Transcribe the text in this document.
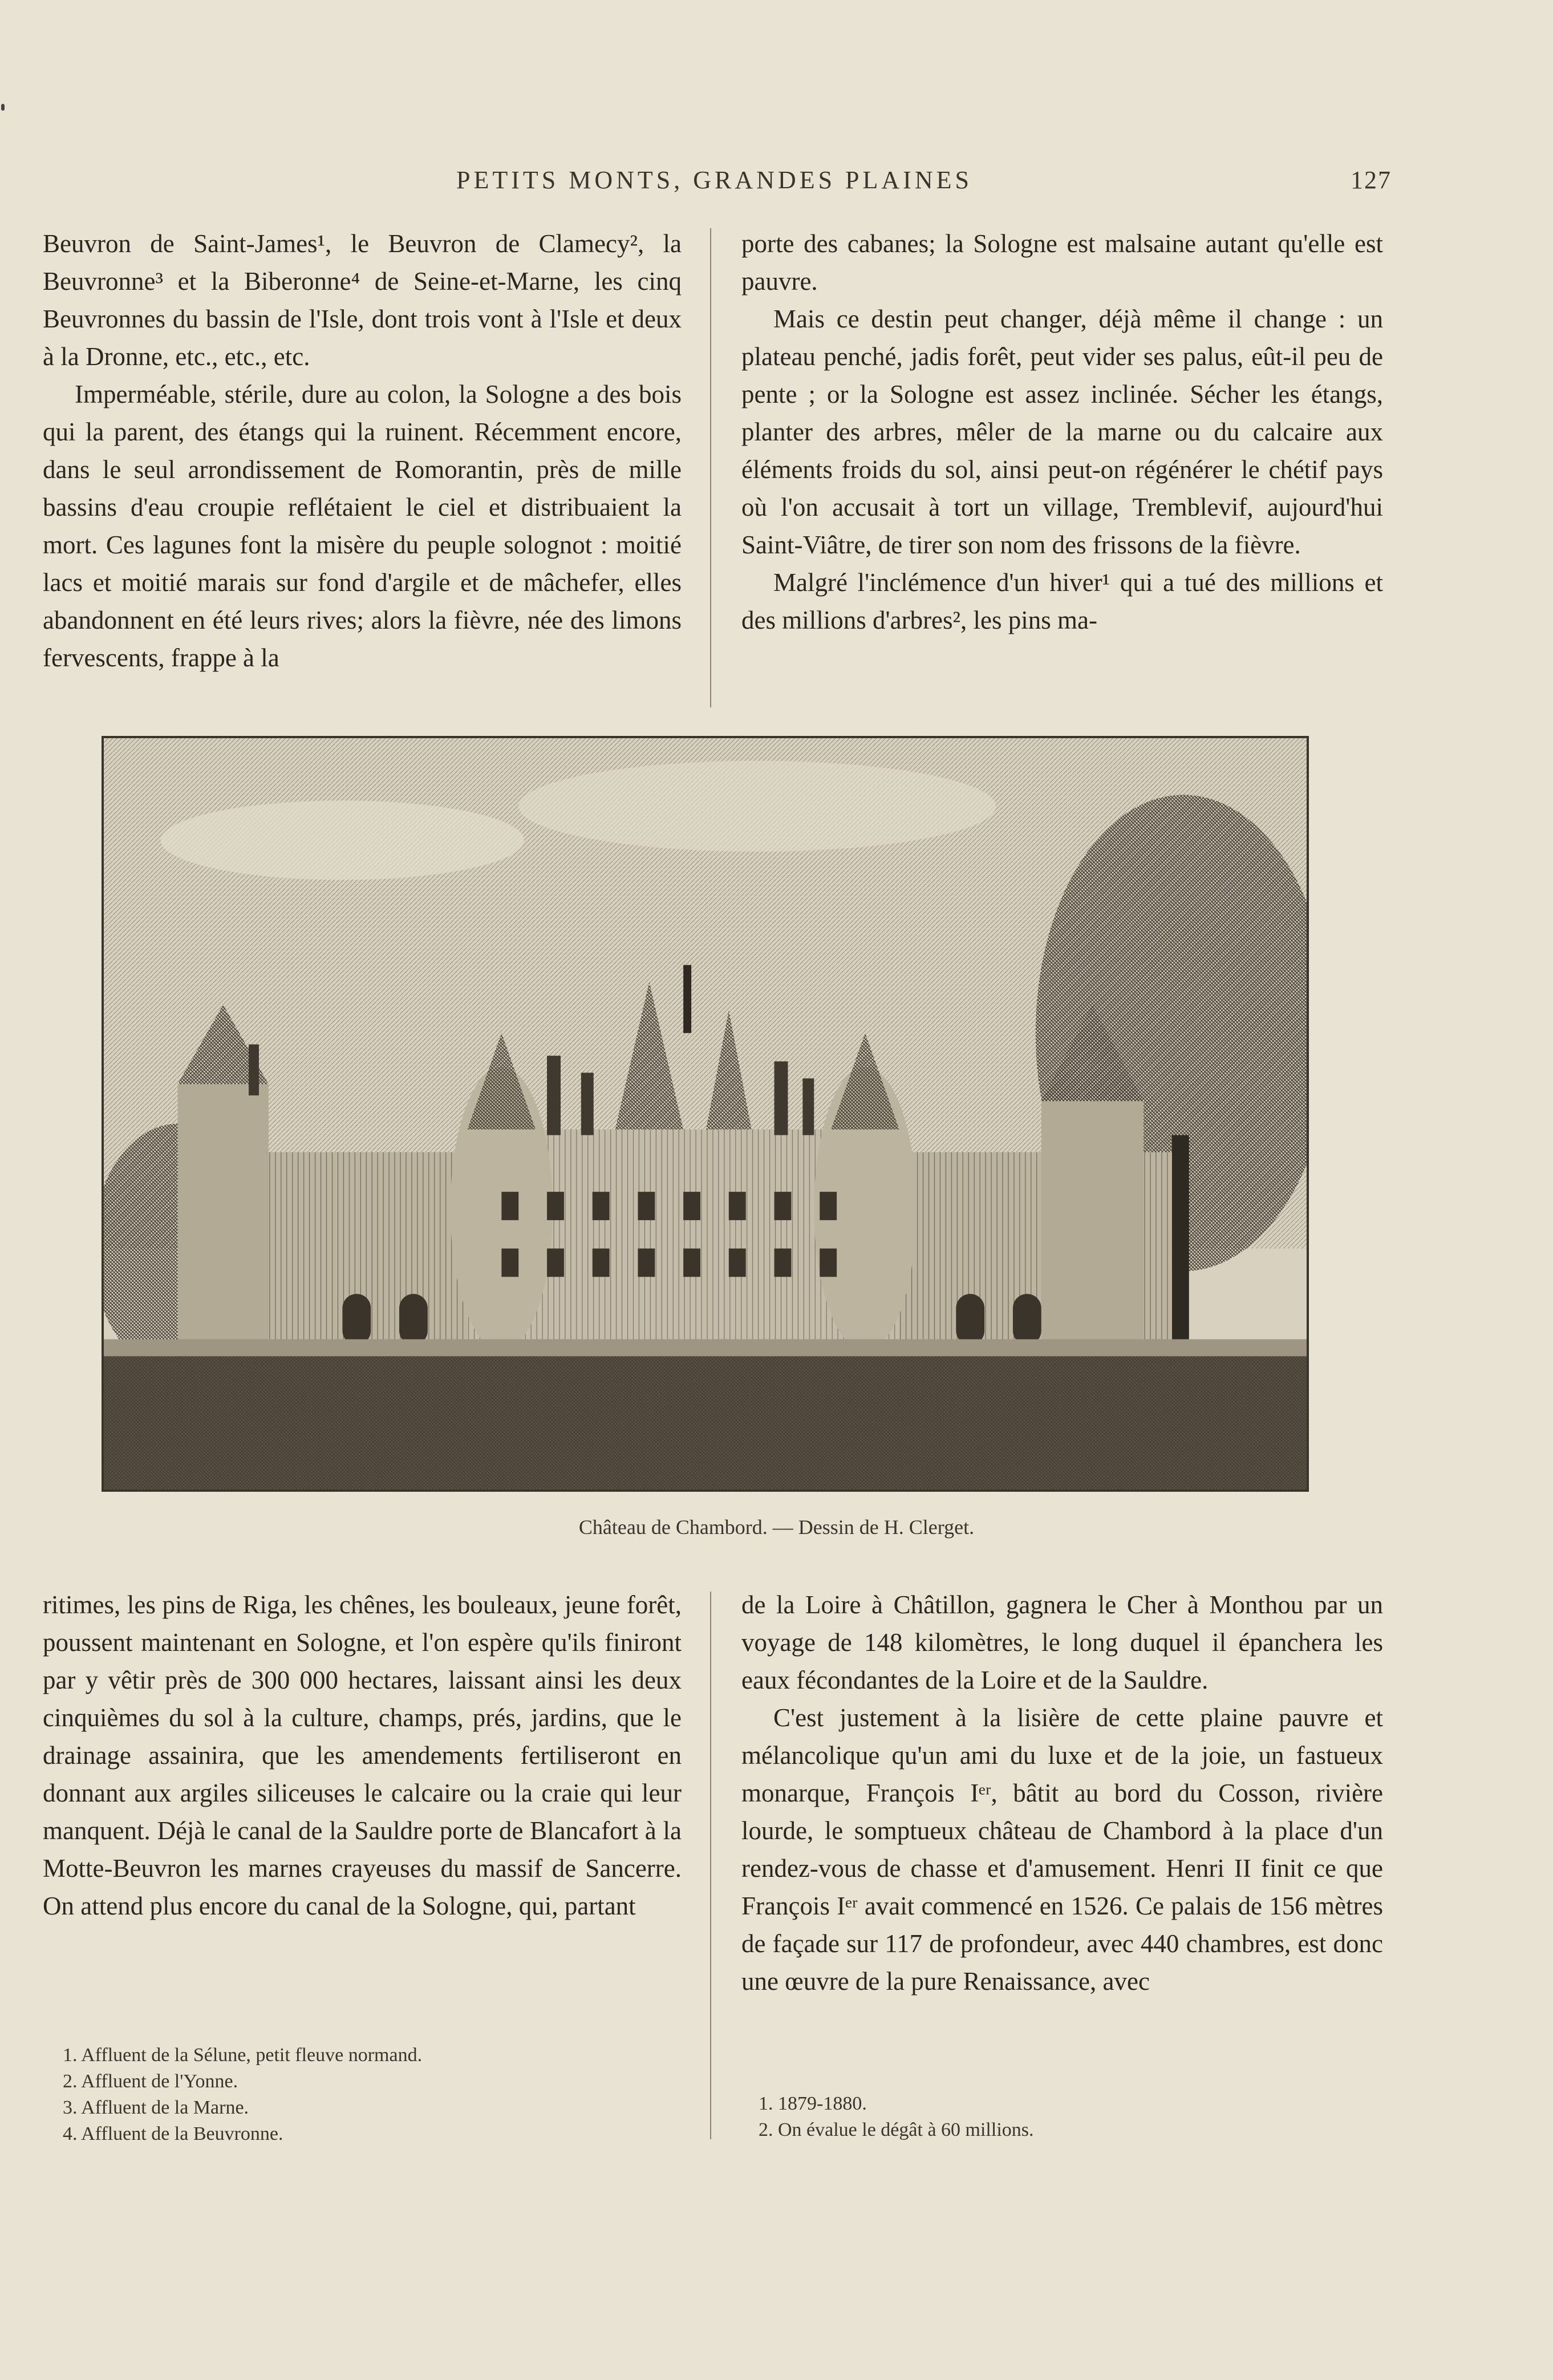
PETITS MONTS, GRANDES PLAINES	127

Beuvron de Saint-James¹, le Beuvron de Clamecy², la Beuvronne³ et la Biberonne⁴ de Seine-et-Marne, les cinq Beuvronnes du bassin de l'Isle, dont trois vont à l'Isle et deux à la Dronne, etc., etc., etc.

Imperméable, stérile, dure au colon, la Sologne a des bois qui la parent, des étangs qui la ruinent. Récemment encore, dans le seul arrondissement de Romorantin, près de mille bassins d'eau croupie reflétaient le ciel et distribuaient la mort. Ces lagunes font la misère du peuple solognot : moitié lacs et moitié marais sur fond d'argile et de mâchefer, elles abandonnent en été leurs rives; alors la fièvre, née des limons fervescents, frappe à la

porte des cabanes; la Sologne est malsaine autant qu'elle est pauvre.

Mais ce destin peut changer, déjà même il change : un plateau penché, jadis forêt, peut vider ses palus, eût-il peu de pente ; or la Sologne est assez inclinée. Sécher les étangs, planter des arbres, mêler de la marne ou du calcaire aux éléments froids du sol, ainsi peut-on régénérer le chétif pays où l'on accusait à tort un village, Tremblevif, aujourd'hui Saint-Viâtre, de tirer son nom des frissons de la fièvre.

Malgré l'inclémence d'un hiver¹ qui a tué des millions et des millions d'arbres², les pins ma-

Château de Chambord. — Dessin de H. Clerget.

ritimes, les pins de Riga, les chênes, les bouleaux, jeune forêt, poussent maintenant en Sologne, et l'on espère qu'ils finiront par y vêtir près de 300 000 hectares, laissant ainsi les deux cinquièmes du sol à la culture, champs, prés, jardins, que le drainage assainira, que les amendements fertiliseront en donnant aux argiles siliceuses le calcaire ou la craie qui leur manquent. Déjà le canal de la Sauldre porte de Blancafort à la Motte-Beuvron les marnes crayeuses du massif de Sancerre. On attend plus encore du canal de la Sologne, qui, partant

de la Loire à Châtillon, gagnera le Cher à Monthou par un voyage de 148 kilomètres, le long duquel il épanchera les eaux fécondantes de la Loire et de la Sauldre.

C'est justement à la lisière de cette plaine pauvre et mélancolique qu'un ami du luxe et de la joie, un fastueux monarque, François Iᵉʳ, bâtit au bord du Cosson, rivière lourde, le somptueux château de Chambord à la place d'un rendez-vous de chasse et d'amusement. Henri II finit ce que François Iᵉʳ avait commencé en 1526. Ce palais de 156 mètres de façade sur 117 de profondeur, avec 440 chambres, est donc une œuvre de la pure Renaissance, avec

1. Affluent de la Sélune, petit fleuve normand.
2. Affluent de l'Yonne.
3. Affluent de la Marne.
4. Affluent de la Beuvronne.
1. 1879-1880.
2. On évalue le dégât à 60 millions.
